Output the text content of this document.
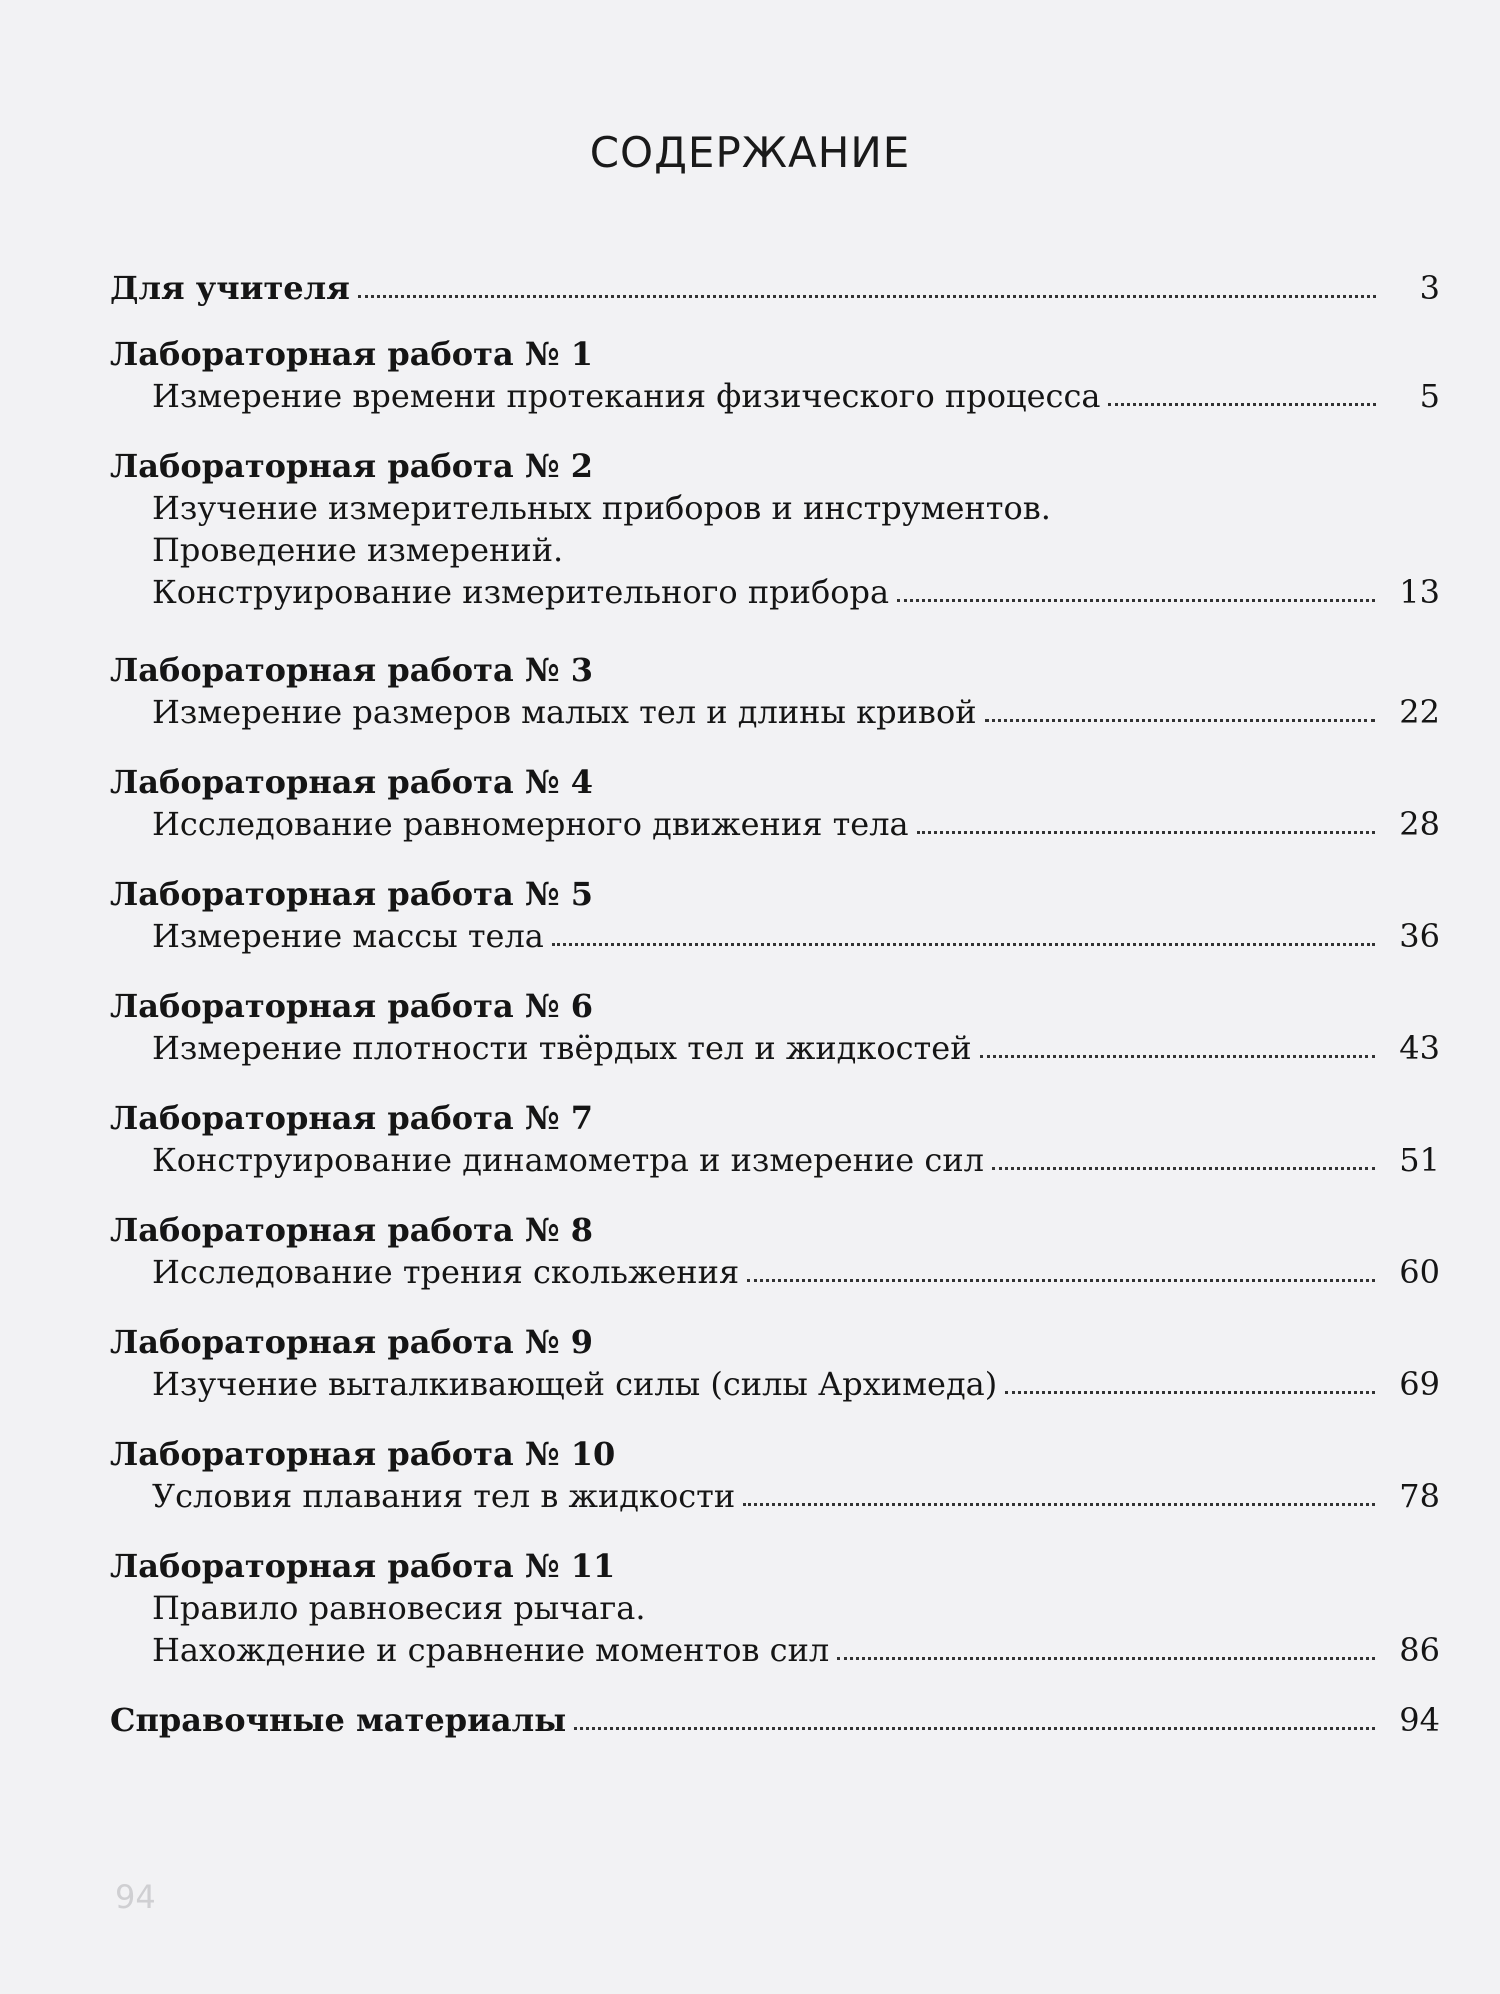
СОДЕРЖАНИЕ
Для учителя	3
Лабораторная работа № 1
Измерение времени протекания физического процесса	5
Лабораторная работа № 2
Изучение измерительных приборов и инструментов.
Проведение измерений.
Конструирование измерительного прибора	13
Лабораторная работа № 3
Измерение размеров малых тел и длины кривой	22
Лабораторная работа № 4
Исследование равномерного движения тела	28
Лабораторная работа № 5
Измерение массы тела	36
Лабораторная работа № 6
Измерение плотности твёрдых тел и жидкостей	43
Лабораторная работа № 7
Конструирование динамометра и измерение сил	51
Лабораторная работа № 8
Исследование трения скольжения	60
Лабораторная работа № 9
Изучение выталкивающей силы (силы Архимеда)	69
Лабораторная работа № 10
Условия плавания тел в жидкости	78
Лабораторная работа № 11
Правило равновесия рычага.
Нахождение и сравнение моментов сил	86
Справочные материалы	94
94
